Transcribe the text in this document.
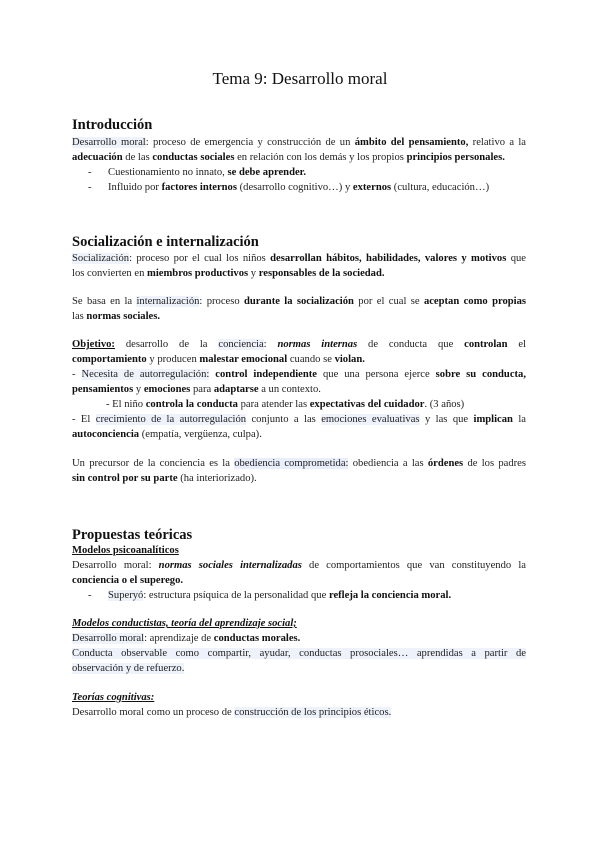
Tema 9: Desarrollo moral
Introducción

Desarrollo moral: proceso de emergencia y construcción de un ámbito del pensamiento, relativo a la
adecuación de las conductas sociales en relación con los demás y los propios principios personales.

- Cuestionamiento no innato, se debe aprender.
- Influido por factores internos (desarrollo cognitivo…) y externos (cultura, educación…)
Socialización e internalización

Socialización: proceso por el cual los niños desarrollan hábitos, habilidades, valores y motivos que
los convierten en miembros productivos y responsables de la sociedad.

Se basa en la internalización: proceso durante la socialización por el cual se aceptan como propias
las normas sociales.

Objetivo: desarrollo de la conciencia: normas internas de conducta que controlan el
comportamiento y producen malestar emocional cuando se violan.
- Necesita de autorregulación: control independiente que una persona ejerce sobre su conducta,
pensamientos y emociones para adaptarse a un contexto.

- El niño controla la conducta para atender las expectativas del cuidador. (3 años)

- El crecimiento de la autorregulación conjunto a las emociones evaluativas y las que implican la
autoconciencia (empatía, vergüenza, culpa).

Un precursor de la conciencia es la obediencia comprometida: obediencia a las órdenes de los padres
sin control por su parte (ha interiorizado).

Propuestas teóricas

Modelos psicoanalíticos

Desarrollo moral: normas sociales internalizadas de comportamientos que van constituyendo la
conciencia o el superego.

- Superyó: estructura psíquica de la personalidad que refleja la conciencia moral.

Modelos conductistas, teoría del aprendizaje social;

Desarrollo moral: aprendizaje de conductas morales.
Conducta observable como compartir, ayudar, conductas prosociales… aprendidas a partir de
observación y de refuerzo.

Teorías cognitivas:

Desarrollo moral como un proceso de construcción de los principios éticos.
